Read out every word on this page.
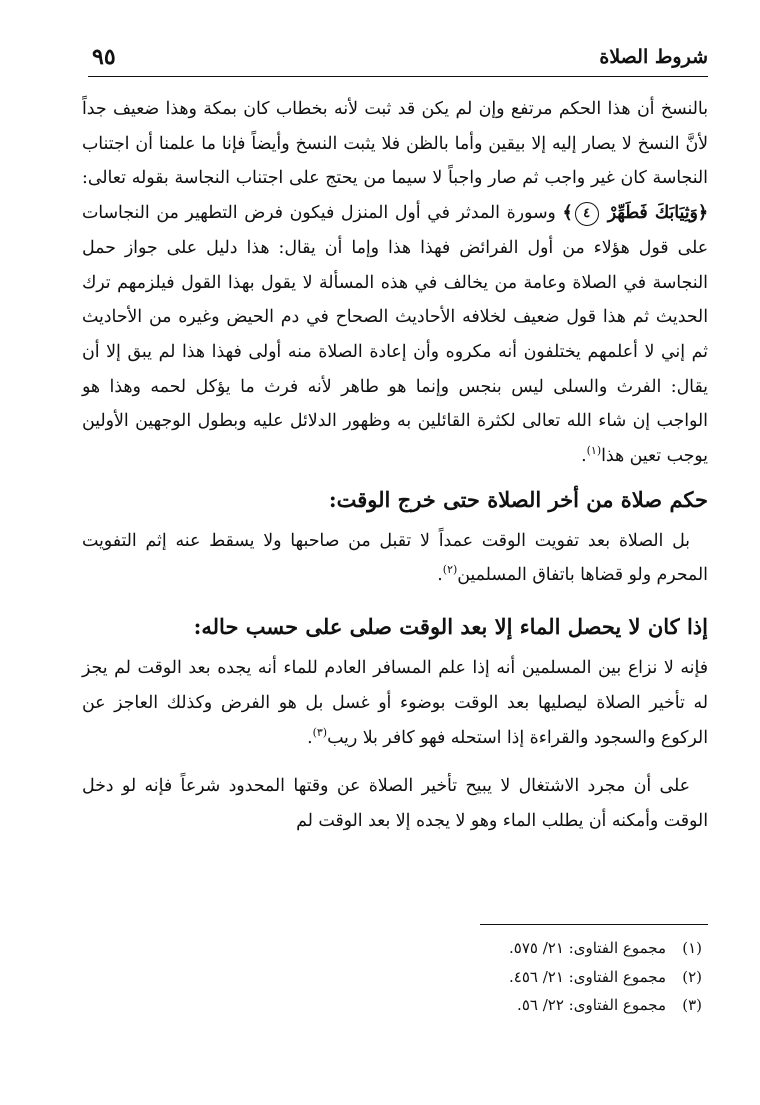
شروط الصلاة
٩٥

بالنسخ أن هذا الحكم مرتفع وإن لم يكن قد ثبت لأنه بخطاب كان بمكة وهذا ضعيف جداً لأنَّ النسخ لا يصار إليه إلا بيقين وأما بالظن فلا يثبت النسخ وأيضاً فإنا ما علمنا أن اجتناب النجاسة كان غير واجب ثم صار واجباً لا سيما من يحتج على اجتناب النجاسة بقوله تعالى: ﴿وَثِيَابَكَ فَطَهِّرْ ٤﴾ وسورة المدثر في أول المنزل فيكون فرض التطهير من النجاسات على قول هؤلاء من أول الفرائض فهذا هذا وإما أن يقال: هذا دليل على جواز حمل النجاسة في الصلاة وعامة من يخالف في هذه المسألة لا يقول بهذا القول فيلزمهم ترك الحديث ثم هذا قول ضعيف لخلافه الأحاديث الصحاح في دم الحيض وغيره من الأحاديث ثم إني لا أعلمهم يختلفون أنه مكروه وأن إعادة الصلاة منه أولى فهذا هذا لم يبق إلا أن يقال: الفرث والسلى ليس بنجس وإنما هو طاهر لأنه فرث ما يؤكل لحمه وهذا هو الواجب إن شاء الله تعالى لكثرة القائلين به وظهور الدلائل عليه وبطول الوجهين الأولين يوجب تعين هذا$^{(١)}$.

حكم صلاة من أخر الصلاة حتى خرج الوقت:

بل الصلاة بعد تفويت الوقت عمداً لا تقبل من صاحبها ولا يسقط عنه إثم التفويت المحرم ولو قضاها باتفاق المسلمين$^{(٢)}$.

إذا كان لا يحصل الماء إلا بعد الوقت صلى على حسب حاله:

فإنه لا نزاع بين المسلمين أنه إذا علم المسافر العادم للماء أنه يجده بعد الوقت لم يجز له تأخير الصلاة ليصليها بعد الوقت بوضوء أو غسل بل هو الفرض وكذلك العاجز عن الركوع والسجود والقراءة إذا استحله فهو كافر بلا ريب$^{(٣)}$.

على أن مجرد الاشتغال لا يبيح تأخير الصلاة عن وقتها المحدود شرعاً فإنه لو دخل الوقت وأمكنه أن يطلب الماء وهو لا يجده إلا بعد الوقت لم

(١)
مجموع الفتاوى: ٢١/ ٥٧٥.
(٢)
مجموع الفتاوى: ٢١/ ٤٥٦.
(٣)
مجموع الفتاوى: ٢٢/ ٥٦.
